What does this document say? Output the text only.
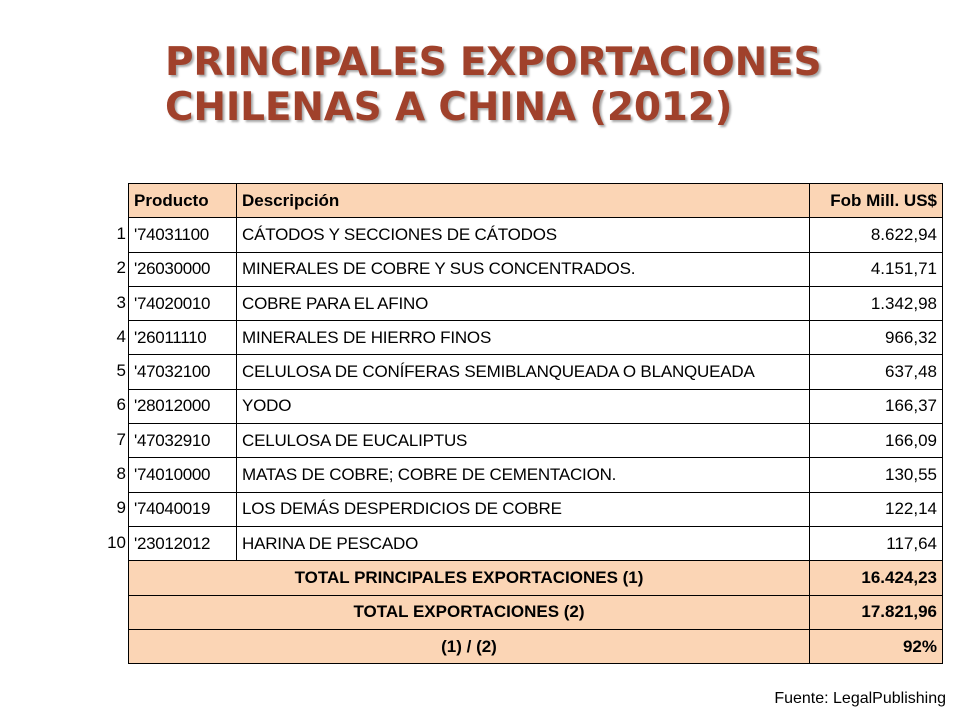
PRINCIPALES EXPORTACIONES
CHILENAS A CHINA (2012)
1
2
3
4
5
6
7
8
9
10
Producto	Descripción	Fob Mill. US$
'74031100	CÁTODOS Y SECCIONES DE CÁTODOS	8.622,94
'26030000	MINERALES DE COBRE Y SUS CONCENTRADOS.	4.151,71
'74020010	COBRE PARA EL AFINO	1.342,98
'26011110	MINERALES DE HIERRO FINOS	966,32
'47032100	CELULOSA DE CONÍFERAS SEMIBLANQUEADA O BLANQUEADA	637,48
'28012000	YODO	166,37
'47032910	CELULOSA DE EUCALIPTUS	166,09
'74010000	MATAS DE COBRE; COBRE DE CEMENTACION.	130,55
'74040019	LOS DEMÁS DESPERDICIOS DE COBRE	122,14
'23012012	HARINA DE PESCADO	117,64
TOTAL PRINCIPALES EXPORTACIONES (1)		16.424,23
TOTAL EXPORTACIONES (2)		17.821,96
(1) / (2)		92%
Fuente: LegalPublishing
